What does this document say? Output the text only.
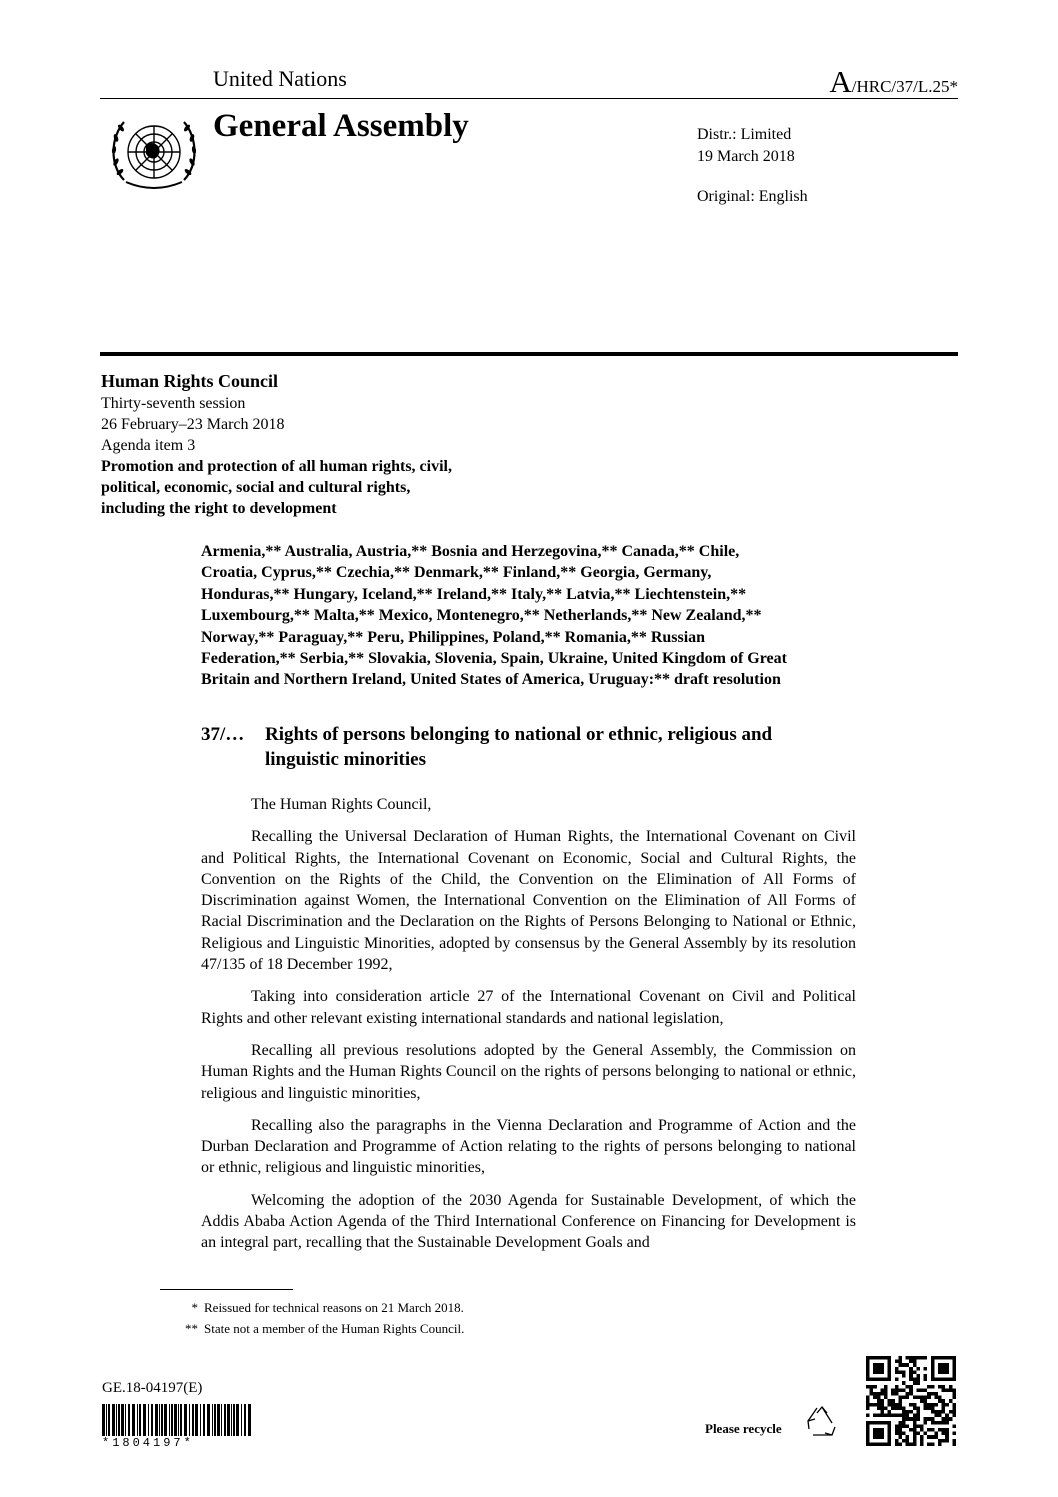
United Nations	A/HRC/37/L.25*
General Assembly	Distr.: Limited
19 March 2018
Original: English
Human Rights Council
Thirty-seventh session
26 February–23 March 2018
Agenda item 3
Promotion and protection of all human rights, civil,
political, economic, social and cultural rights,
including the right to development
Armenia,** Australia, Austria,** Bosnia and Herzegovina,** Canada,** Chile,
Croatia, Cyprus,** Czechia,** Denmark,** Finland,** Georgia, Germany,
Honduras,** Hungary, Iceland,** Ireland,** Italy,** Latvia,** Liechtenstein,**
Luxembourg,** Malta,** Mexico, Montenegro,** Netherlands,** New Zealand,**
Norway,** Paraguay,** Peru, Philippines, Poland,** Romania,** Russian
Federation,** Serbia,** Slovakia, Slovenia, Spain, Ukraine, United Kingdom of Great
Britain and Northern Ireland, United States of America, Uruguay:** draft resolution
37/… Rights of persons belonging to national or ethnic, religious and
linguistic minorities

The Human Rights Council,

Recalling the Universal Declaration of Human Rights, the International Covenant on Civil and Political Rights, the International Covenant on Economic, Social and Cultural Rights, the Convention on the Rights of the Child, the Convention on the Elimination of All Forms of Discrimination against Women, the International Convention on the Elimination of All Forms of Racial Discrimination and the Declaration on the Rights of Persons Belonging to National or Ethnic, Religious and Linguistic Minorities, adopted by consensus by the General Assembly by its resolution 47/135 of 18 December 1992,

Taking into consideration article 27 of the International Covenant on Civil and Political Rights and other relevant existing international standards and national legislation,

Recalling all previous resolutions adopted by the General Assembly, the Commission on Human Rights and the Human Rights Council on the rights of persons belonging to national or ethnic, religious and linguistic minorities,

Recalling also the paragraphs in the Vienna Declaration and Programme of Action and the Durban Declaration and Programme of Action relating to the rights of persons belonging to national or ethnic, religious and linguistic minorities,

Welcoming the adoption of the 2030 Agenda for Sustainable Development, of which the Addis Ababa Action Agenda of the Third International Conference on Financing for Development is an integral part, recalling that the Sustainable Development Goals and

* Reissued for technical reasons on 21 March 2018.
** State not a member of the Human Rights Council.
GE.18-04197(E)
*1804197*
Please recycle
